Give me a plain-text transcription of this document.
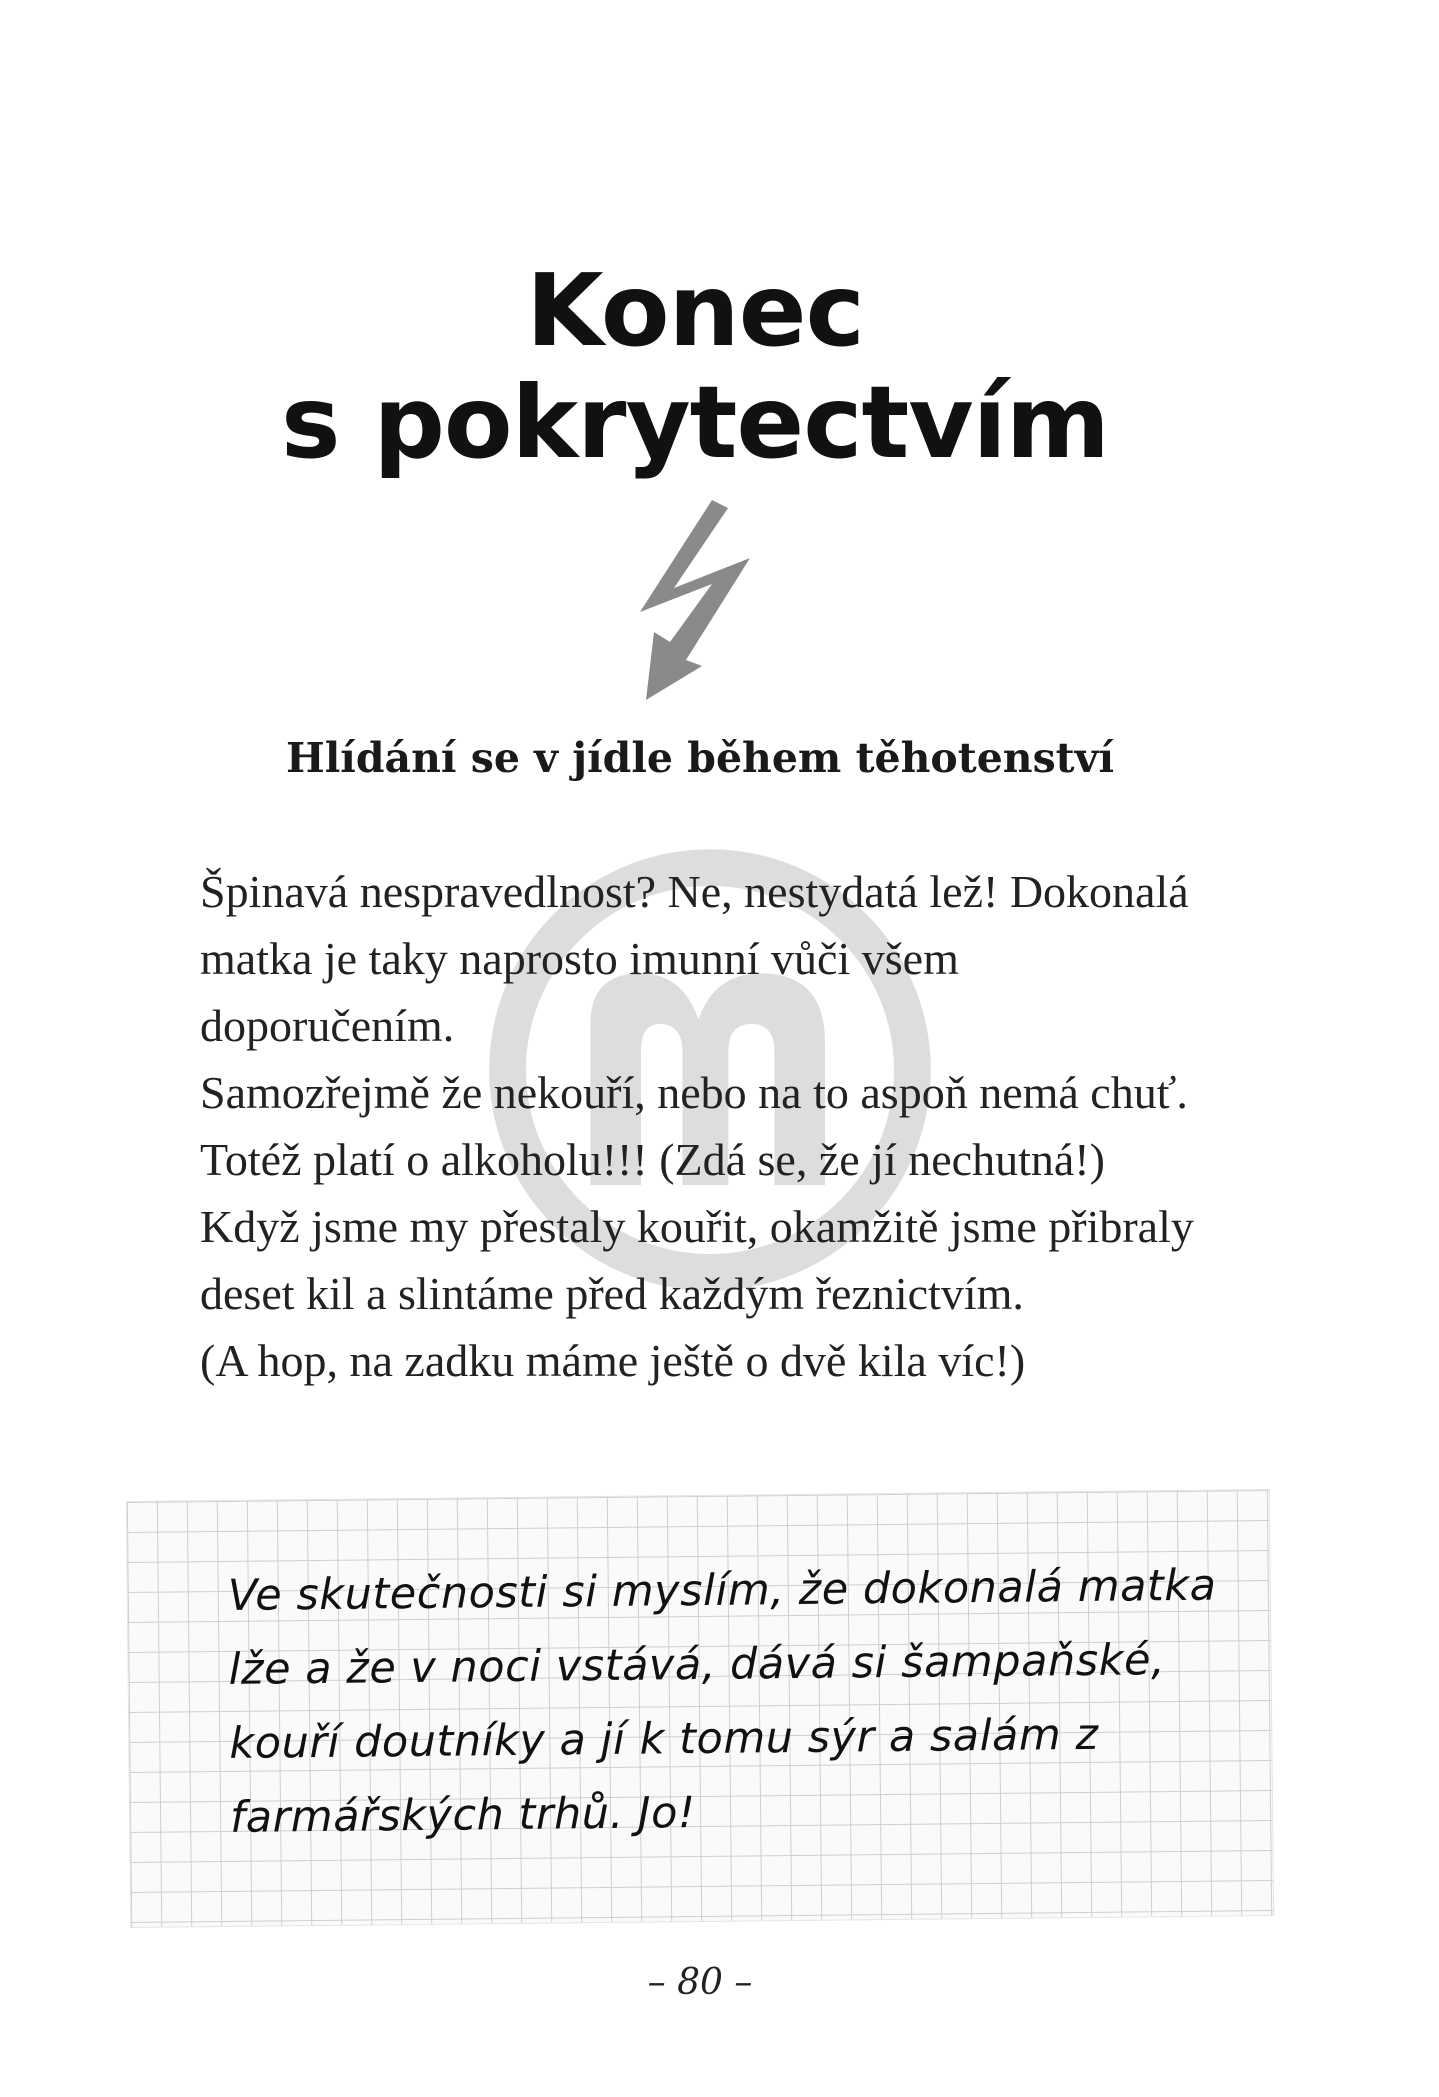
Konec
s pokrytectvím
Hlídání se v jídle během těhotenství

Špinavá nespravedlnost? Ne, nestydatá lež! Dokonalá matka je taky naprosto imunní vůči všem doporučením.

Samozřejmě že nekouří, nebo na to aspoň nemá chuť. Totéž platí o alkoholu!!! (Zdá se, že jí nechutná!) Když jsme my přestaly kouřit, okamžitě jsme přibraly deset kil a slintáme před každým řeznictvím.

(A hop, na zadku máme ještě o dvě kila víc!)

Ve skutečnosti si myslím, že dokonalá matka lže a že v noci vstává, dává si šampaňské, kouří doutníky a jí k tomu sýr a salám z farmářských trhů. Jo!

– 80 –
